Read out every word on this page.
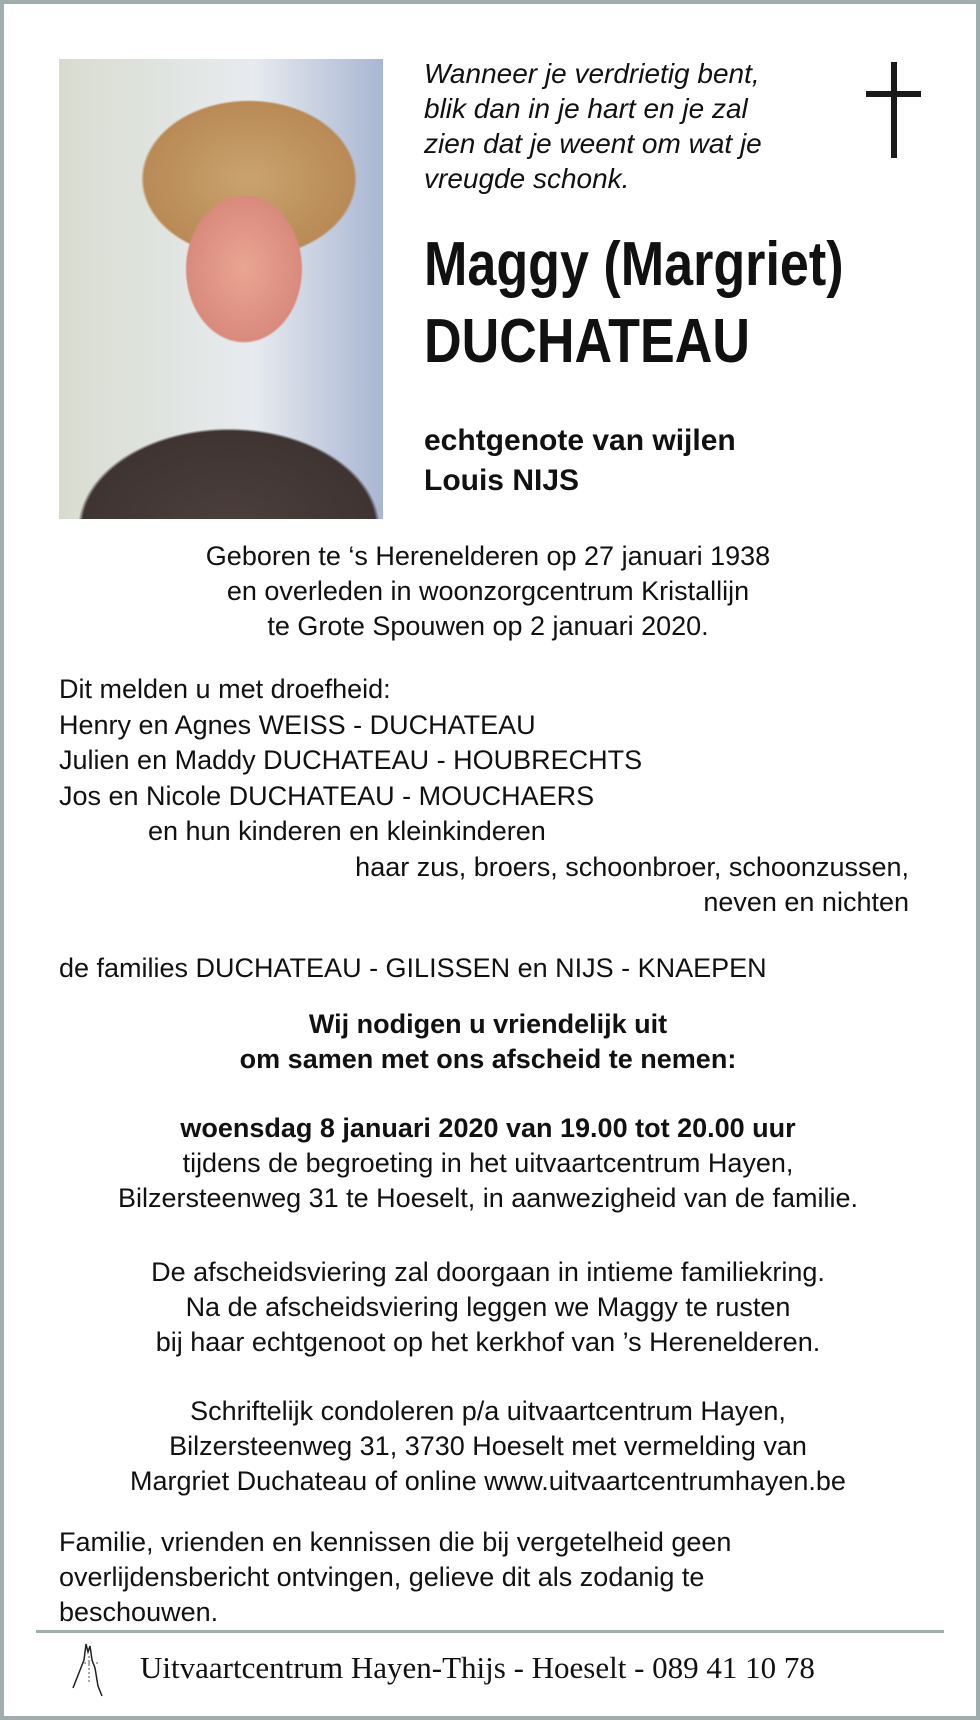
Wanneer je verdrietig bent,
blik dan in je hart en je zal
zien dat je weent om wat je
vreugde schonk.
Maggy (Margriet)
DUCHATEAU
echtgenote van wijlen
Louis NIJS
Geboren te ‘s Herenelderen op 27 januari 1938
en overleden in woonzorgcentrum Kristallijn
te Grote Spouwen op 2 januari 2020.
Dit melden u met droefheid:
Henry en Agnes WEISS - DUCHATEAU
Julien en Maddy DUCHATEAU - HOUBRECHTS
Jos en Nicole DUCHATEAU - MOUCHAERS
en hun kinderen en kleinkinderen
haar zus, broers, schoonbroer, schoonzussen,
neven en nichten
de families DUCHATEAU - GILISSEN en NIJS - KNAEPEN
Wij nodigen u vriendelijk uit
om samen met ons afscheid te nemen:
woensdag 8 januari 2020 van 19.00 tot 20.00 uur
tijdens de begroeting in het uitvaartcentrum Hayen,
Bilzersteenweg 31 te Hoeselt, in aanwezigheid van de familie.
De afscheidsviering zal doorgaan in intieme familiekring.
Na de afscheidsviering leggen we Maggy te rusten
bij haar echtgenoot op het kerkhof van ’s Herenelderen.
Schriftelijk condoleren p/a uitvaartcentrum Hayen,
Bilzersteenweg 31, 3730 Hoeselt met vermelding van
Margriet Duchateau of online www.uitvaartcentrumhayen.be
Familie, vrienden en kennissen die bij vergetelheid geen
overlijdensbericht ontvingen, gelieve dit als zodanig te
beschouwen.
Uitvaartcentrum Hayen-Thijs - Hoeselt - 089 41 10 78
